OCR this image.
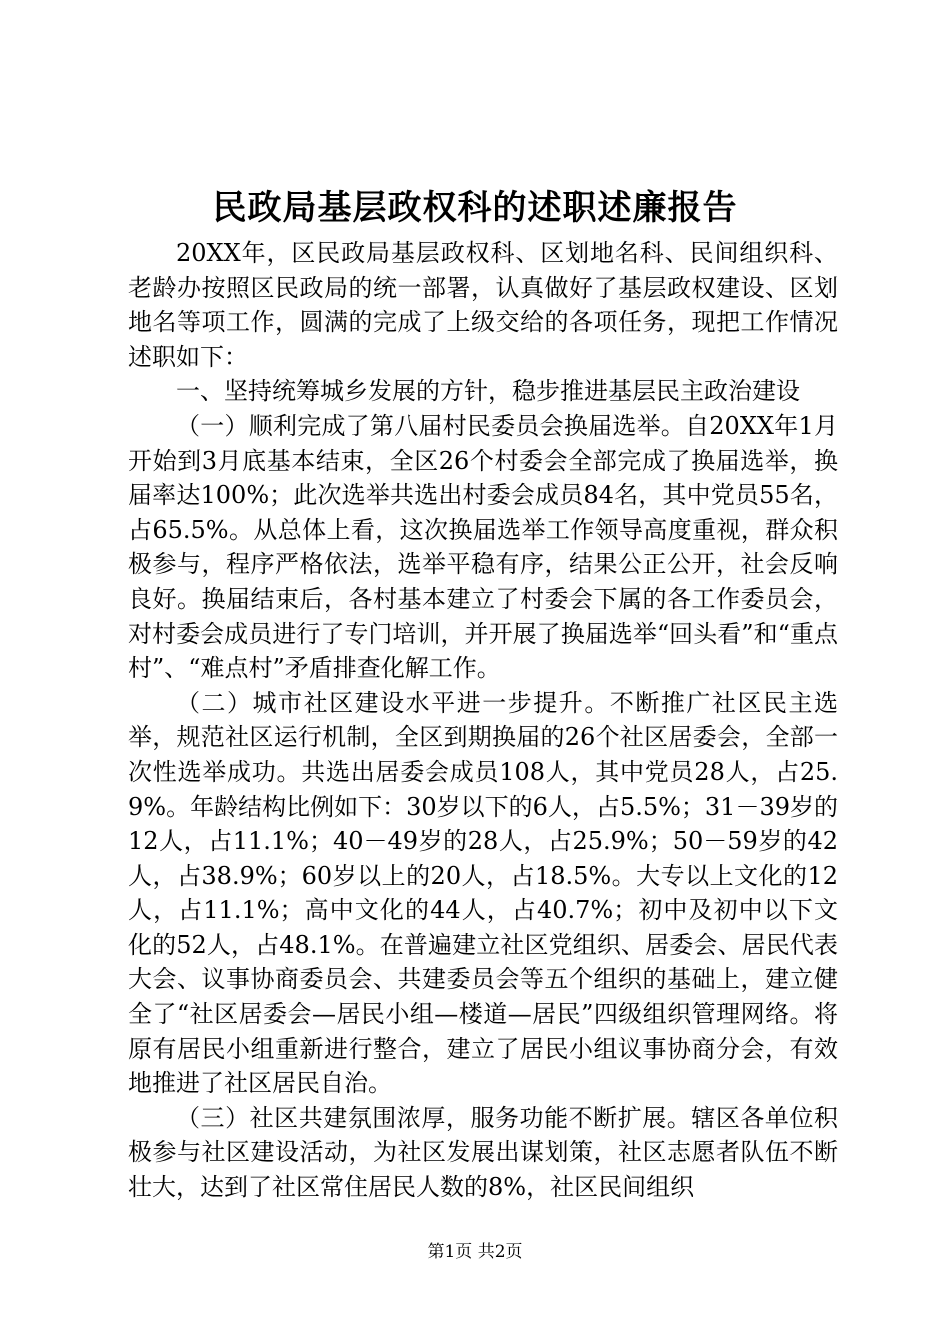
民政局基层政权科的述职述廉报告

20XX年，区民政局基层政权科、区划地名科、民间组织科、老龄办按照区民政局的统一部署，认真做好了基层政权建设、区划地名等项工作，圆满的完成了上级交给的各项任务，现把工作情况述职如下：

一、坚持统筹城乡发展的方针，稳步推进基层民主政治建设

（一）顺利完成了第八届村民委员会换届选举。自20XX年1月开始到3月底基本结束，全区26个村委会全部完成了换届选举，换届率达100%；此次选举共选出村委会成员84名，其中党员55名，占65.5%。从总体上看，这次换届选举工作领导高度重视，群众积极参与，程序严格依法，选举平稳有序，结果公正公开，社会反响良好。换届结束后，各村基本建立了村委会下属的各工作委员会，对村委会成员进行了专门培训，并开展了换届选举“回头看”和“重点村”、“难点村”矛盾排查化解工作。

（二）城市社区建设水平进一步提升。不断推广社区民主选举，规范社区运行机制，全区到期换届的26个社区居委会，全部一次性选举成功。共选出居委会成员108人，其中党员28人，占25.9%。年龄结构比例如下：30岁以下的6人，占5.5%；31－39岁的12人，占11.1%；40－49岁的28人，占25.9%；50－59岁的42人，占38.9%；60岁以上的20人，占18.5%。大专以上文化的12人，占11.1%；高中文化的44人，占40.7%；初中及初中以下文化的52人，占48.1%。在普遍建立社区党组织、居委会、居民代表大会、议事协商委员会、共建委员会等五个组织的基础上，建立健全了“社区居委会—居民小组—楼道—居民”四级组织管理网络。将原有居民小组重新进行整合，建立了居民小组议事协商分会，有效地推进了社区居民自治。

（三）社区共建氛围浓厚，服务功能不断扩展。辖区各单位积极参与社区建设活动，为社区发展出谋划策，社区志愿者队伍不断壮大，达到了社区常住居民人数的8%，社区民间组织

第1页 共2页
